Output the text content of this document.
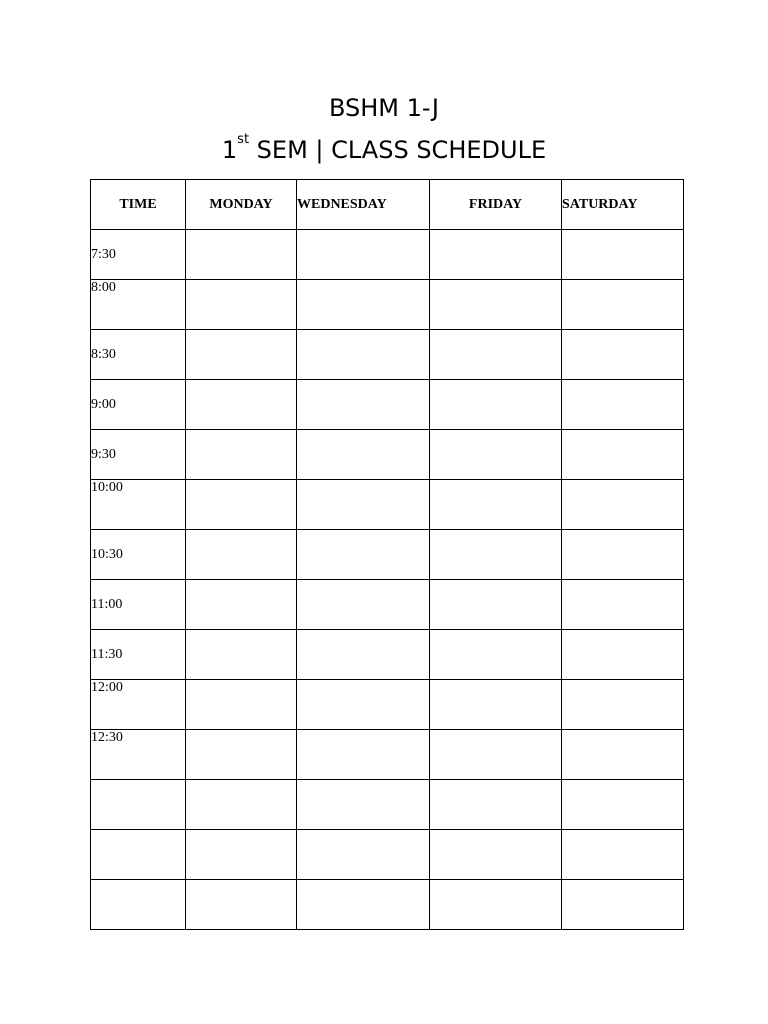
BSHM 1-J
1st SEM | CLASS SCHEDULE
TIME	MONDAY	WEDNESDAY	FRIDAY	SATURDAY
7:30				
8:00				
8:30				
9:00				
9:30				
10:00				
10:30				
11:00				
11:30				
12:00				
12:30				
